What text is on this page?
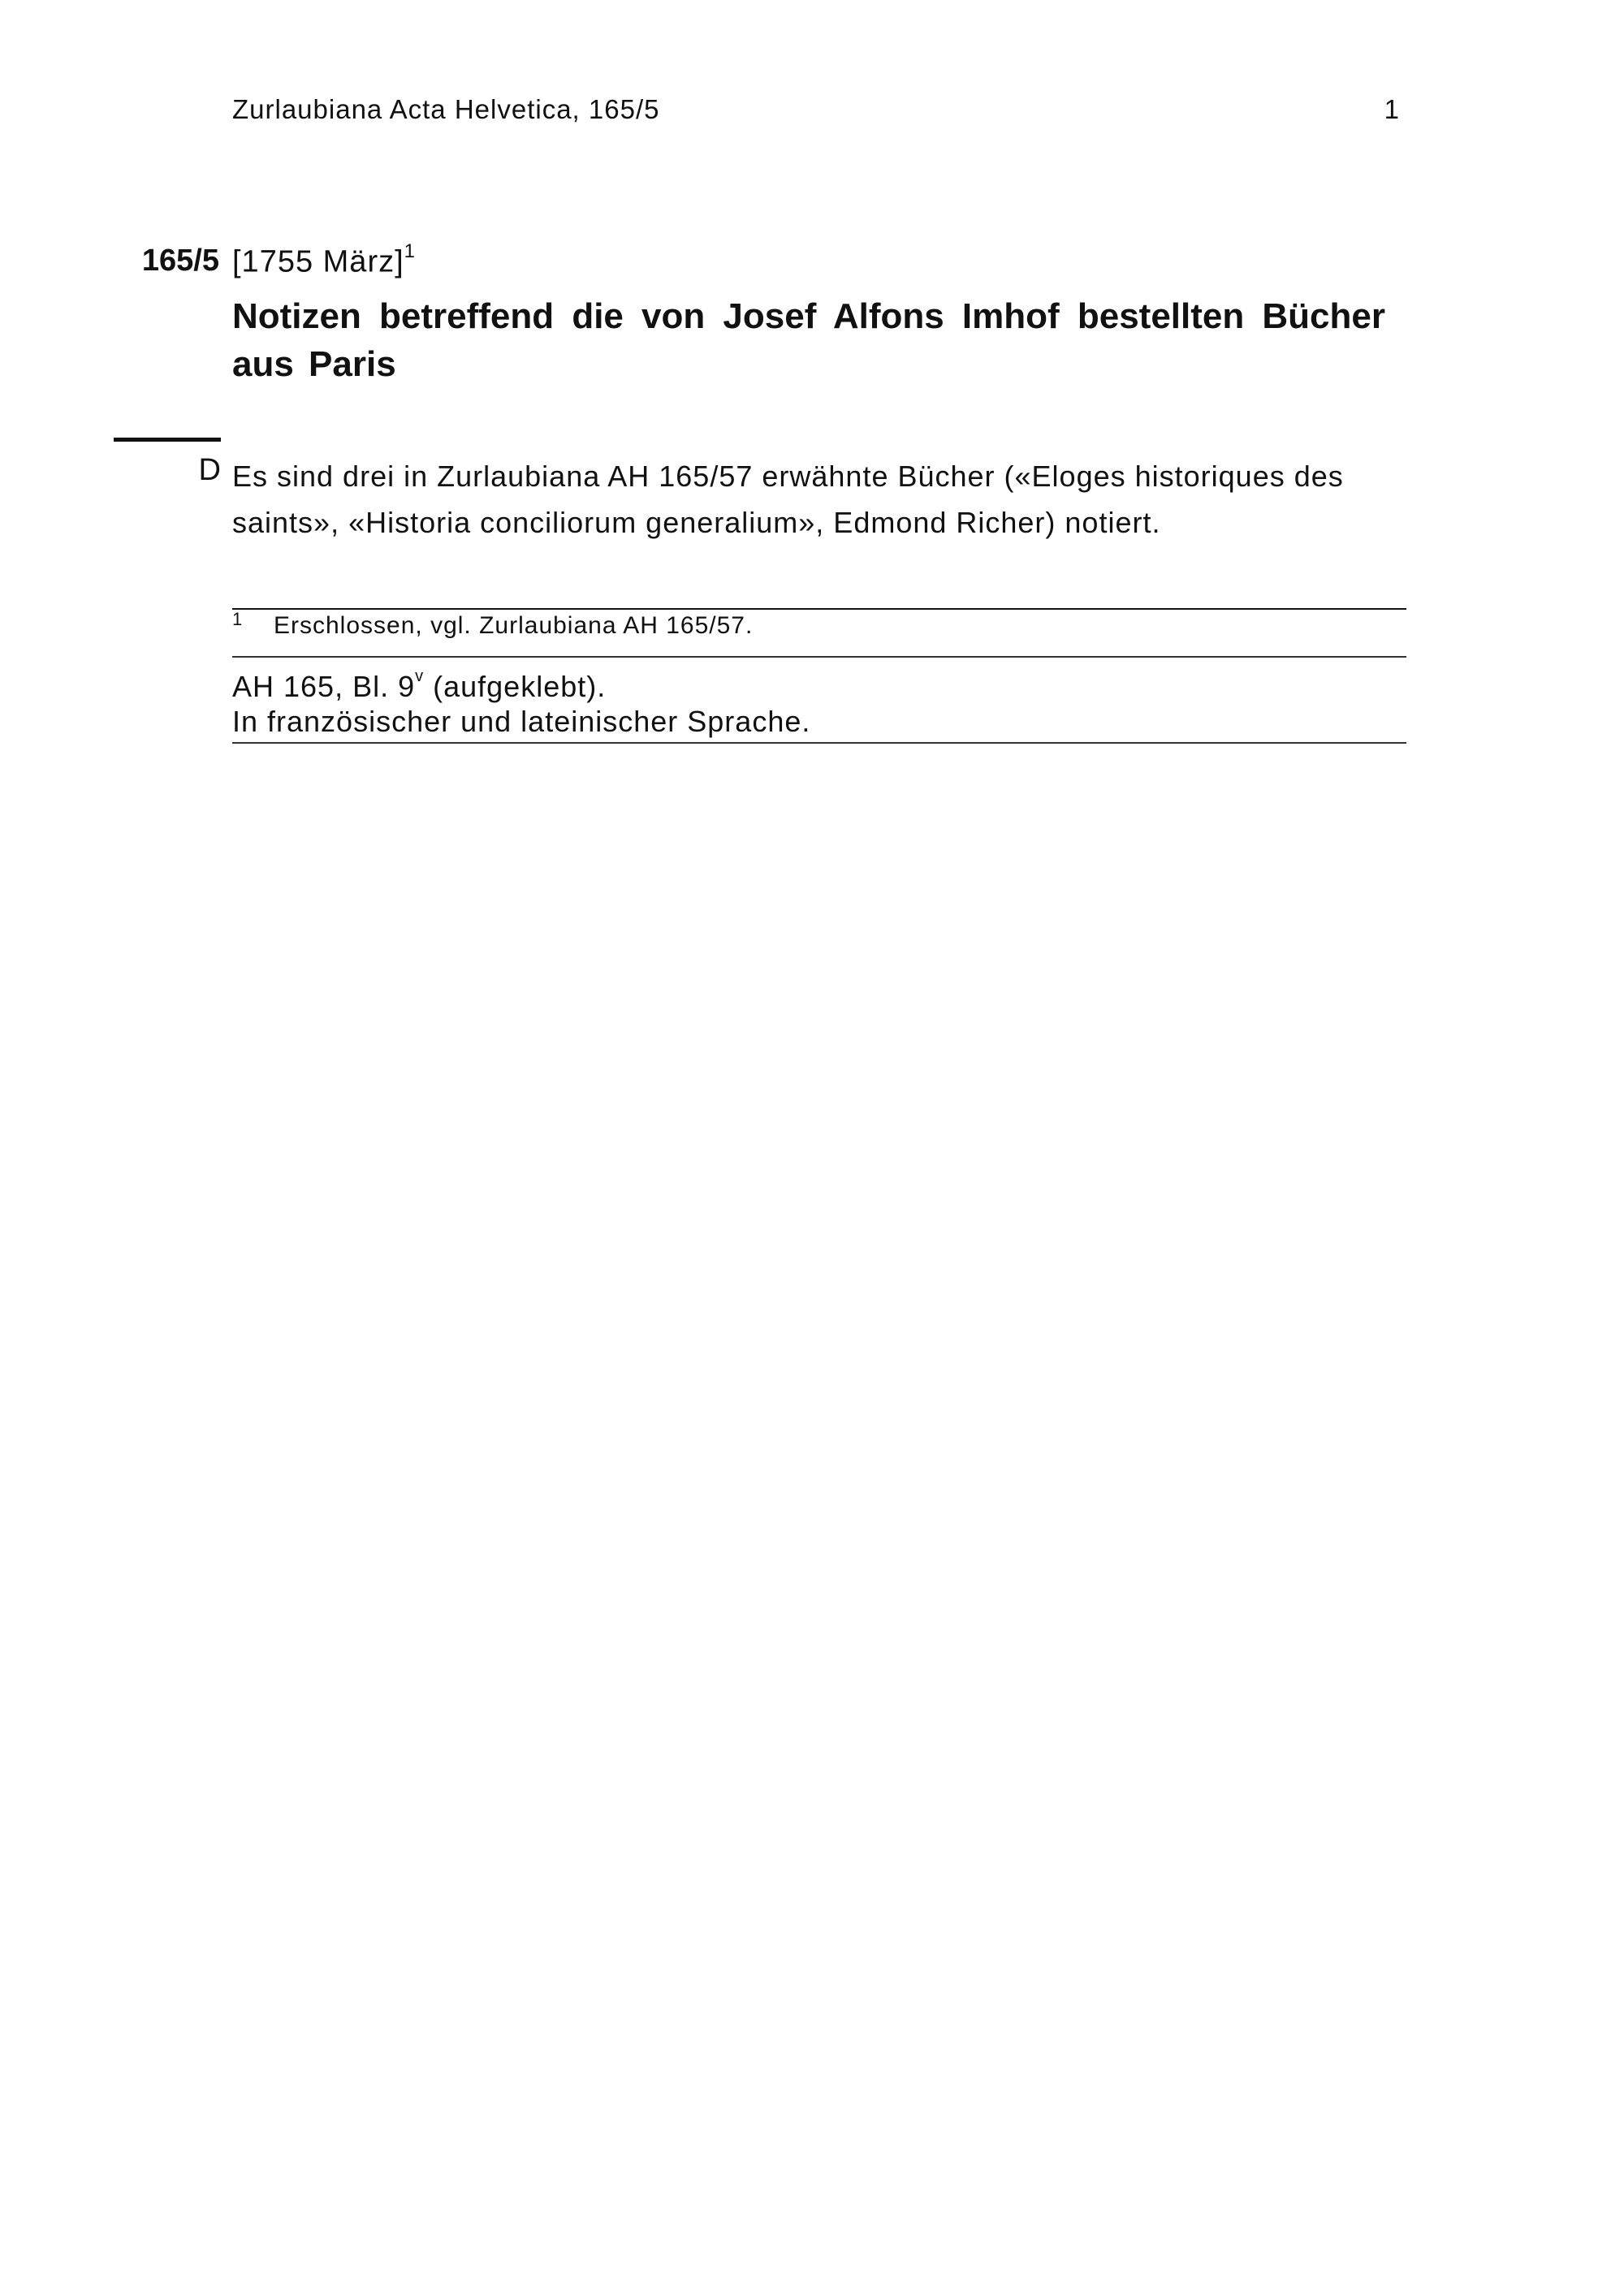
Zurlaubiana Acta Helvetica, 165/5	1
165/5 [1755 März]$^1$
Notizen betreffend die von Josef Alfons Imhof bestellten Bücher aus Paris
D Es sind drei in Zurlaubiana AH 165/57 erwähnte Bücher («Eloges historiques des saints», «Historia conciliorum generalium», Edmond Richer) notiert.
1 Erschlossen, vgl. Zurlaubiana AH 165/57.
AH 165, Bl. 9$^v$ (aufgeklebt).
In französischer und lateinischer Sprache.
